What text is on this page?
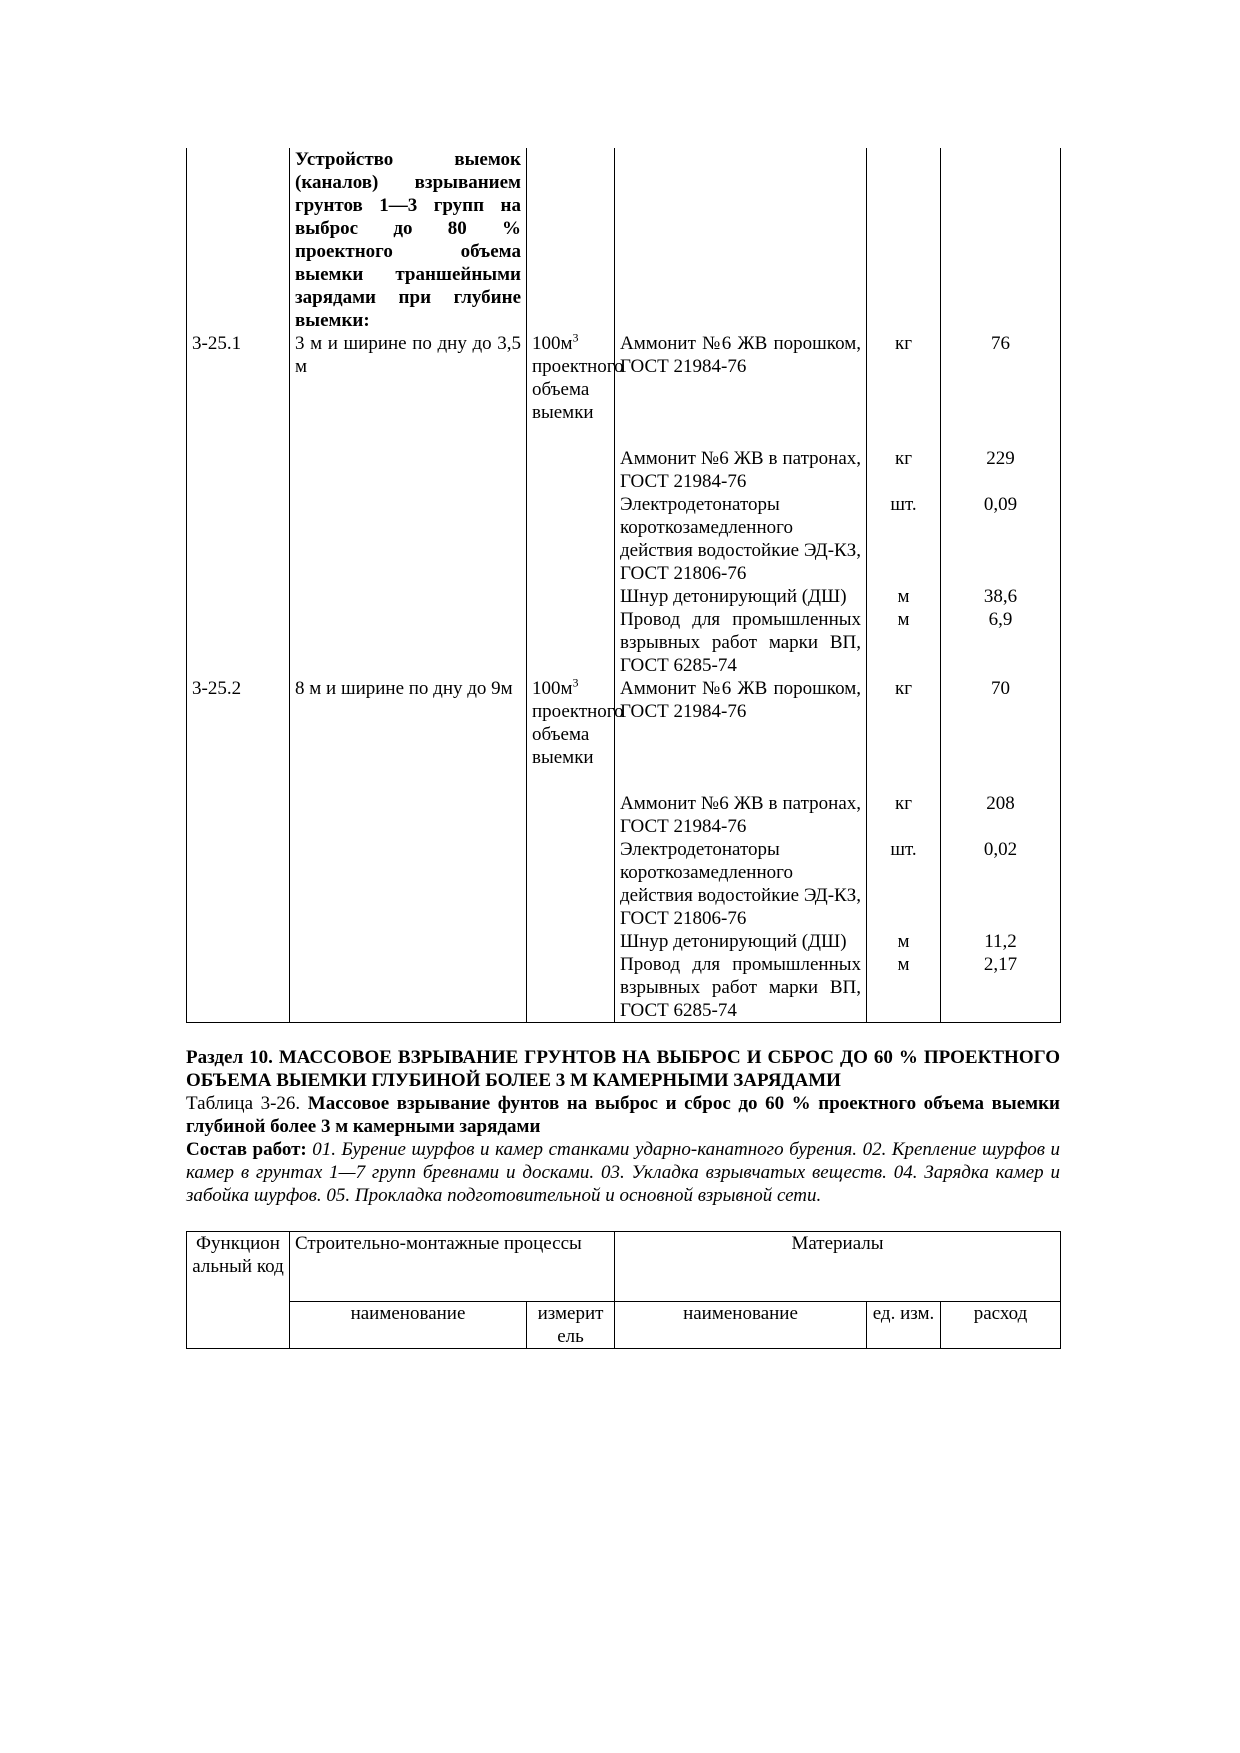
	Устройство выемок (каналов) взрыванием грунтов 1—3 групп на выброс до 80 % проектного объема выемки траншейными зарядами при глубине выемки:				
3-25.1	3 м и ширине по дну до 3,5 м	$100м^3$ проектного объема выемки	Аммонит №6 ЖВ порошком, ГОСТ 21984-76	кг	76

			Аммонит №6 ЖВ в патронах, ГОСТ 21984-76	кг	229
			Электродетонаторы короткозамедленного действия водостойкие ЭД-КЗ, ГОСТ 21806-76	шт.	0,09
			Шнур детонирующий (ДШ)	м	38,6
			Провод для промышленных взрывных работ марки ВП, ГОСТ 6285-74	м	6,9
3-25.2	8 м и ширине по дну до 9м	$100м^3$ проектного объема выемки	Аммонит №6 ЖВ порошком, ГОСТ 21984-76	кг	70

			Аммонит №6 ЖВ в патронах, ГОСТ 21984-76	кг	208
			Электродетонаторы короткозамедленного действия водостойкие ЭД-КЗ, ГОСТ 21806-76	шт.	0,02
			Шнур детонирующий (ДШ)	м	11,2
			Провод для промышленных взрывных работ марки ВП, ГОСТ 6285-74	м	2,17

Раздел 10. МАССОВОЕ ВЗРЫВАНИЕ ГРУНТОВ НА ВЫБРОС И СБРОС ДО 60 % ПРОЕКТНОГО ОБЪЕМА ВЫЕМКИ ГЛУБИНОЙ БОЛЕЕ 3 М КАМЕРНЫМИ ЗАРЯДАМИ

Таблица 3-26. Массовое взрывание фунтов на выброс и сброс до 60 % проектного объема выемки глубиной более 3 м камерными зарядами

Состав работ: 01. Бурение шурфов и камер станками ударно-канатного бурения. 02. Крепление шурфов и камер в грунтах 1—7 групп бревнами и досками. 03. Укладка взрывчатых веществ. 04. Зарядка камер и забойка шурфов. 05. Прокладка подготовительной и основной взрывной сети.

Функцион альный код	Строительно-монтажные процессы		Материалы		
	наименование	измерит ель	наименование	ед. изм.	расход
